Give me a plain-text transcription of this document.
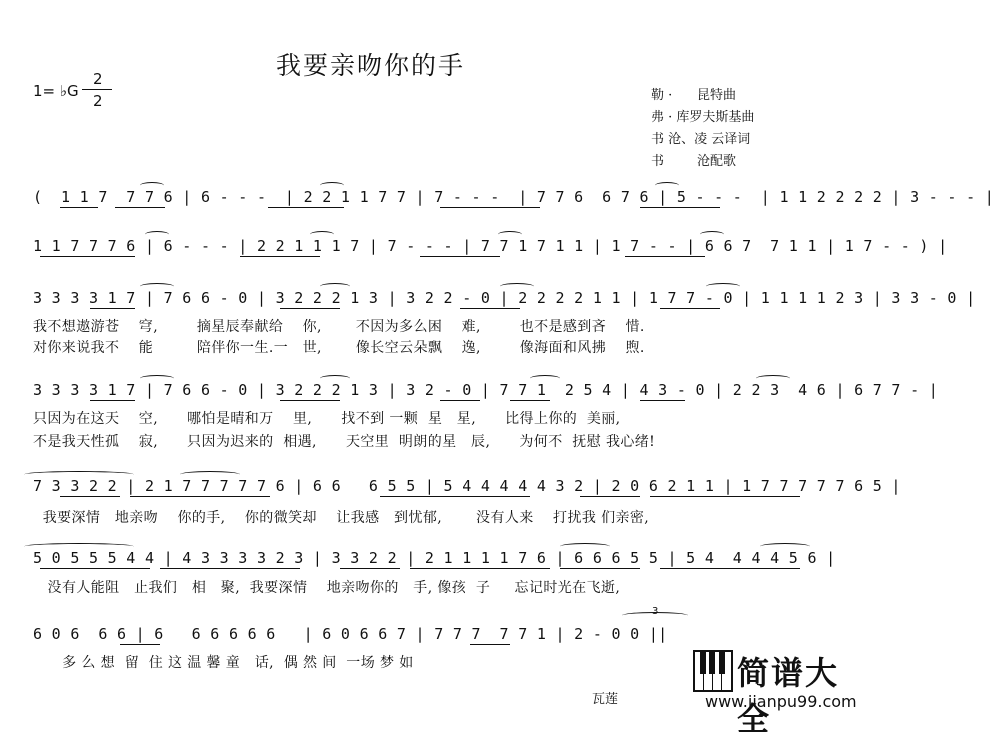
我要亲吻你的手
1= ♭G
2
2	勒 ·      昆特曲
弗 · 库罗夫斯基曲
书 沧、凌 云译词
书        沧配歌
(  1 1 7  7 7 6 | 6 - - -  | 2 2 1 1 7 7 | 7 - - -  | 7 7 6  6 7 6 | 5 - - -  | 1 1 2 2 2 2 | 3 - - - |
1 1 7 7 7 6 | 6 - - - | 2 2 1 1 1 7 | 7 - - - | 7 7 1 7 1 1 | 1 7 - - | 6 6 7  7 1 1 | 1 7 - - ) |
3 3 3 3 1 7 | 7 6 6 - 0 | 3 2 2 2 1 3 | 3 2 2 - 0 | 2 2 2 2 1 1 | 1 7 7 - 0 | 1 1 1 1 2 3 | 3 3 - 0 |
我不想遨游苍    穹,        摘星辰奉献给    你,       不因为多么困    难,        也不是感到吝    惜.
对你来说我不    能         陪伴你一生.一   世,       像长空云朵飘    逸,        像海面和风拂    煦.
3 3 3 3 1 7 | 7 6 6 - 0 | 3 2 2 2 1 3 | 3 2 - 0 | 7 7 1  2 5 4 | 4 3 - 0 | 2 2 3  4 6 | 6 7 7 - |
只因为在这天    空,      哪怕是晴和万    里,      找不到 一颗  星   星,      比得上你的  美丽,
不是我天性孤    寂,      只因为迟来的  相遇,      天空里  明朗的星   辰,      为何不  抚慰 我心绪!
7 3 3 2 2 | 2 1 7 7 7 7 7 6 | 6 6   6 5 5 | 5 4 4 4 4 4 3 2 | 2 0 6 2 1 1 | 1 7 7 7 7 7 6 5 |
我要深情   地亲吻    你的手,    你的微笑却    让我感   到忧郁,       没有人来    打扰我 们亲密,
5 0 5 5 5 4 4 | 4 3 3 3 3 2 3 | 3 3 2 2 | 2 1 1 1 1 7 6 | 6 6 6 5 5 | 5 4  4 4 4 5 6 |
没有人能阻   止我们   相   聚,  我要深情    地亲吻你的   手, 像孩  子     忘记时光在飞逝,
3
6 0 6  6 6 | 6   6 6 6 6 6   | 6 0 6 6 7 | 7 7 7  7 7 1 | 2 - 0 0 ||
多 么 想  留  住 这 温 馨 童   话,  偶 然 间  一场 梦 如
瓦莲
简谱大全
www.jianpu99.com
